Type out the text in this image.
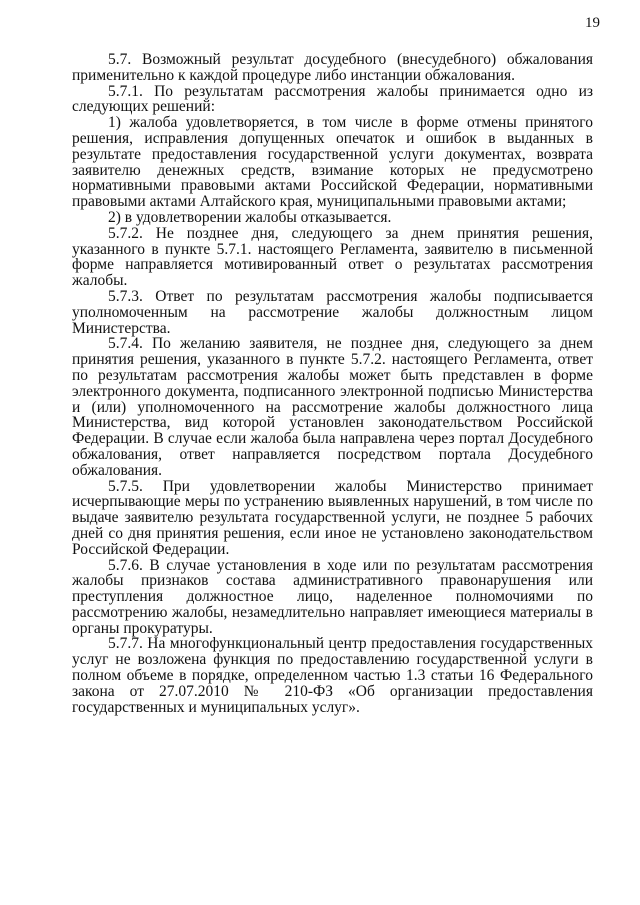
19

5.7. Возможный результат досудебного (внесудебного) обжалования применительно к каждой процедуре либо инстанции обжалования.

5.7.1. По результатам рассмотрения жалобы принимается одно из следующих решений:

1) жалоба удовлетворяется, в том числе в форме отмены принятого решения, исправления допущенных опечаток и ошибок в выданных в результате предоставления государственной услуги документах, возврата заявителю денежных средств, взимание которых не предусмотрено нормативными правовыми актами Российской Федерации, нормативными правовыми актами Алтайского края, муниципальными правовыми актами;

2) в удовлетворении жалобы отказывается.

5.7.2. Не позднее дня, следующего за днем принятия решения, указанного в пункте 5.7.1. настоящего Регламента, заявителю в письменной форме направляется мотивированный ответ о результатах рассмотрения жалобы.

5.7.3. Ответ по результатам рассмотрения жалобы подписывается уполномоченным на рассмотрение жалобы должностным лицом Министерства.

5.7.4. По желанию заявителя, не позднее дня, следующего за днем принятия решения, указанного в пункте 5.7.2. настоящего Регламента, ответ по результатам рассмотрения жалобы может быть представлен в форме электронного документа, подписанного электронной подписью Министерства и (или) уполномоченного на рассмотрение жалобы должностного лица Министерства, вид которой установлен законодательством Российской Федерации. В случае если жалоба была направлена через портал Досудебного обжалования, ответ направляется посредством портала Досудебного обжалования.

5.7.5. При удовлетворении жалобы Министерство принимает исчерпывающие меры по устранению выявленных нарушений, в том числе по выдаче заявителю результата государственной услуги, не позднее 5 рабочих дней со дня принятия решения, если иное не установлено законодательством Российской Федерации.

5.7.6. В случае установления в ходе или по результатам рассмотрения жалобы признаков состава административного правонарушения или преступления должностное лицо, наделенное полномочиями по рассмотрению жалобы, незамедлительно направляет имеющиеся материалы в органы прокуратуры.

5.7.7. На многофункциональный центр предоставления государственных услуг не возложена функция по предоставлению государственной услуги в полном объеме в порядке, определенном частью 1.3 статьи 16 Федерального закона от 27.07.2010 № 210-ФЗ «Об организации предоставления государственных и муниципальных услуг».
